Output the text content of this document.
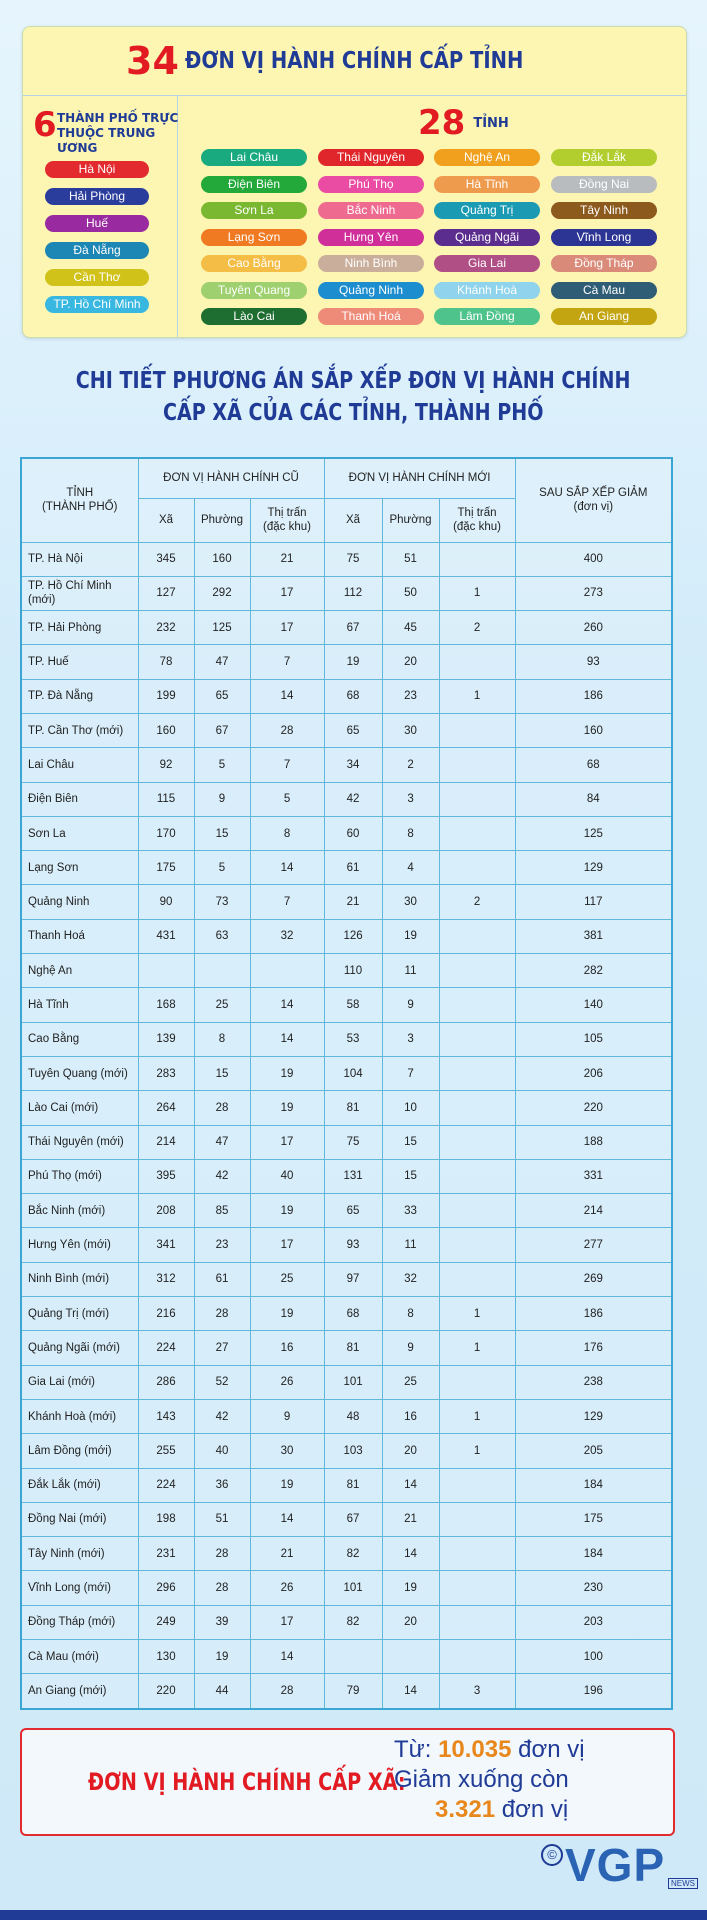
34 ĐƠN VỊ HÀNH CHÍNH CẤP TỈNH
6 THÀNH PHỐ TRỰC
THUỘC TRUNG ƯƠNG
28 TỈNH
Hà Nội
Hải Phòng
Huế
Đà Nẵng
Cần Thơ
TP. Hồ Chí Minh
Lai Châu	Thái Nguyên	Nghệ An	Đắk Lắk
Điện Biên	Phú Thọ	Hà Tĩnh	Đồng Nai
Sơn La	Bắc Ninh	Quảng Trị	Tây Ninh
Lạng Sơn	Hưng Yên	Quảng Ngãi	Vĩnh Long
Cao Bằng	Ninh Bình	Gia Lai	Đồng Tháp
Tuyên Quang	Quảng Ninh	Khánh Hoà	Cà Mau
Lào Cai	Thanh Hoá	Lâm Đồng	An Giang
CHI TIẾT PHƯƠNG ÁN SẮP XẾP ĐƠN VỊ HÀNH CHÍNH
CẤP XÃ CỦA CÁC TỈNH, THÀNH PHỐ
TỈNH
(THÀNH PHỐ)	ĐƠN VỊ HÀNH CHÍNH CŨ			ĐƠN VỊ HÀNH CHÍNH MỚI			SAU SẮP XẾP GIẢM
(đơn vị)
	Xã	Phường	Thị trấn
(đặc khu)	Xã	Phường	Thị trấn
(đặc khu)	
TP. Hà Nội	345	160	21	75	51		400
TP. Hồ Chí Minh
(mới)	127	292	17	112	50	1	273
TP. Hải Phòng	232	125	17	67	45	2	260
TP. Huế	78	47	7	19	20		93
TP. Đà Nẵng	199	65	14	68	23	1	186
TP. Cần Thơ (mới)	160	67	28	65	30		160
Lai Châu	92	5	7	34	2		68
Điện Biên	115	9	5	42	3		84
Sơn La	170	15	8	60	8		125
Lạng Sơn	175	5	14	61	4		129
Quảng Ninh	90	73	7	21	30	2	117
Thanh Hoá	431	63	32	126	19		381
Nghệ An				110	11		282
Hà Tĩnh	168	25	14	58	9		140
Cao Bằng	139	8	14	53	3		105
Tuyên Quang (mới)	283	15	19	104	7		206
Lào Cai (mới)	264	28	19	81	10		220
Thái Nguyên (mới)	214	47	17	75	15		188
Phú Thọ (mới)	395	42	40	131	15		331
Bắc Ninh (mới)	208	85	19	65	33		214
Hưng Yên (mới)	341	23	17	93	11		277
Ninh Bình (mới)	312	61	25	97	32		269
Quảng Trị (mới)	216	28	19	68	8	1	186
Quảng Ngãi (mới)	224	27	16	81	9	1	176
Gia Lai (mới)	286	52	26	101	25		238
Khánh Hoà (mới)	143	42	9	48	16	1	129
Lâm Đồng (mới)	255	40	30	103	20	1	205
Đắk Lắk (mới)	224	36	19	81	14		184
Đồng Nai (mới)	198	51	14	67	21		175
Tây Ninh (mới)	231	28	21	82	14		184
Vĩnh Long (mới)	296	28	26	101	19		230
Đồng Tháp (mới)	249	39	17	82	20		203
Cà Mau (mới)	130	19	14				100
An Giang (mới)	220	44	28	79	14	3	196
ĐƠN VỊ HÀNH CHÍNH CẤP XÃ:
Từ: 10.035 đơn vị
Giảm xuống còn
3.321 đơn vị
© VGP NEWS
